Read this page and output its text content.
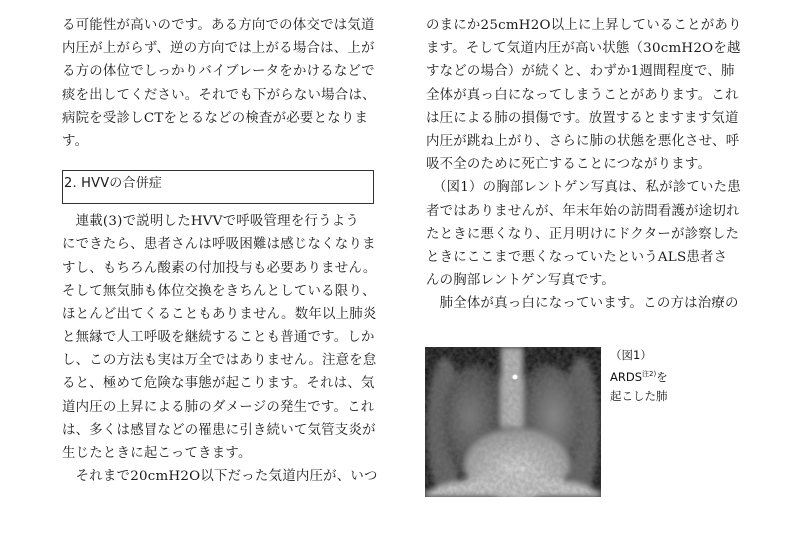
る可能性が高いのです。ある方向での体交では気道
内圧が上がらず、逆の方向では上がる場合は、上が
る方の体位でしっかりバイブレータをかけるなどで
痰を出してください。それでも下がらない場合は、
病院を受診しCTをとるなどの検査が必要となりま
す。
2. HVVの合併症
　連載(3)で説明したHVVで呼吸管理を行うよう
にできたら、患者さんは呼吸困難は感じなくなりま
すし、もちろん酸素の付加投与も必要ありません。
そして無気肺も体位交換をきちんとしている限り、
ほとんど出てくることもありません。数年以上肺炎
と無縁で人工呼吸を継続することも普通です。しか
し、この方法も実は万全ではありません。注意を怠
ると、極めて危険な事態が起こります。それは、気
道内圧の上昇による肺のダメージの発生です。これ
は、多くは感冒などの罹患に引き続いて気管支炎が
生じたときに起こってきます。
　それまで20cmH2O以下だった気道内圧が、いつ
のまにか25cmH2O以上に上昇していることがあり
ます。そして気道内圧が高い状態（30cmH2Oを越
すなどの場合）が続くと、わずか1週間程度で、肺
全体が真っ白になってしまうことがあります。これ
は圧による肺の損傷です。放置するとますます気道
内圧が跳ね上がり、さらに肺の状態を悪化させ、呼
吸不全のために死亡することにつながります。
　（図1）の胸部レントゲン写真は、私が診ていた患
者ではありませんが、年末年始の訪問看護が途切れ
たときに悪くなり、正月明けにドクターが診察した
ときにここまで悪くなっていたというALS患者さ
んの胸部レントゲン写真です。
　肺全体が真っ白になっています。この方は治療の
（図1）
ARDS$^{注2)}$を
起こした肺
